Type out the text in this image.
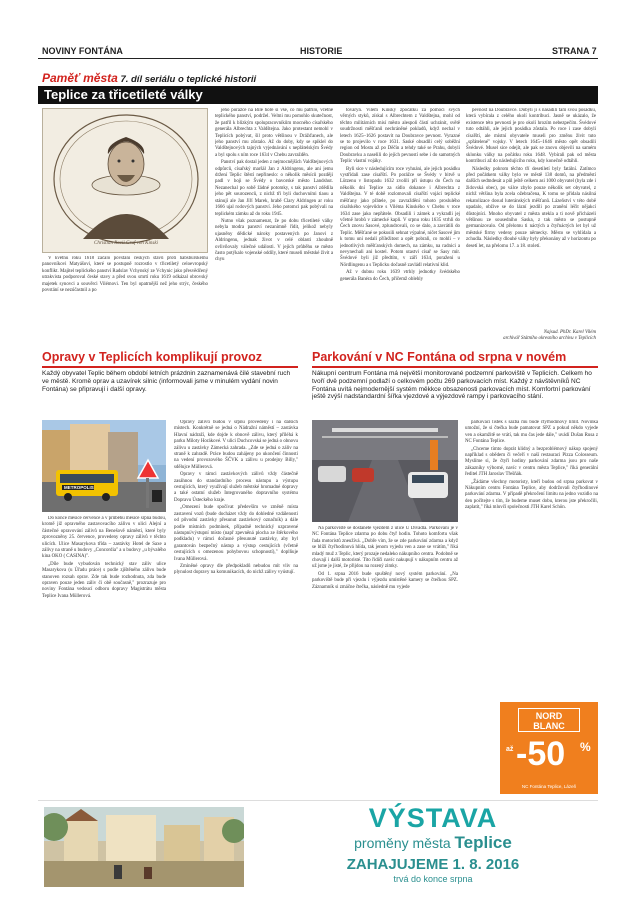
NOVINY FONTÁNA	HISTORIE	STRANA 7
Paměť města 7. díl seriálu o teplické historii
Teplice za třicetileté války
Christian Ilovii Graf von Kinski

V květnu roku 1618 začalo povstání českých stavů proti habsburskému panovníkovi Matyášovi, které se postupně rozrostlo v třicetiletý celoevropský konflikt. Majitel teplického panství Radslav Vchynský ze Vchynic jako přesvědčený utrakvista podporoval české stavy a před svou smrtí roku 1619 odkázal obrovský majetek synovci a souvěrci Vilémovi. Ten byl opatrnější než jeho strýc, českého povstání se nezúčastnil a po

jeho porážce na Bílé hoře si vše, co mu patřilo, včetně teplického panství, podržel. Velmi mu pomohlo skutečnost, že patřil k blízkým spolupracovníkům mocného císařského generála Albrechta z Valdštejna. Jako protestant nemohl v Teplicích pobývat, šil proto většinou v Drážďanech, ale jeho panství mu zůstalo. Až do doby, kdy se spiklel do Valdštejnových tajných vyjednávání s nepřátelským Švédy a byl spolu s ním roce 1634 v Chebu zavražděn.

Panství pak dostal jeden z nejmocnějších Valdštejnových odpůrců, císařský maršál Jan z Aldringenu, ale ani jemu držení Teplic štěstí nepřineslo: o několik měsíců později padl v boji se Švédy o bavorské město Landshut. Nezanechal po sobě žádné potomky, s tak panství zdědila jeho pět sourozenců, z nichž tři byli duchovními tiaou a stánují ale Jan Jiří Marek, hrabě Clary Aldringen ar roku 1666 ujal rodových panství. Jeho potomci pak pobývali na teplickém zámku až do roku 1945.

Nutno však poznamenat, že po dobu třicetileté války nebyla modra panství nezanímně řídit, jelikož nebyly ujasněny dědické nároky postavených po Janovi z Aldringenu, jednak život v celé oblasti zhoubně ovlivňovaly válečné události. V jejích průběhu se město často potýkalo vojenské oddíly, které museli městské živit a chyu

tovaryn. Vilém Kinský zpočátku za pomoci svých věrných styků, získal s Albrechtem z Valdštejna, mohl od těchto militárních misí město alespoň částí uchránit, světě soudržnosti měšťanů nechráněné pokladů, když nechal v letech 1625–1626 postavit na Doubravce pevnost. Vyrazné se to projevilo v roce 1631. Saské obsadili celý soběžní region od Mostu až po Děčín a tehdy také se Prahu, dobyli Doubravku a naselili do jejích pevností sebe i do samotných Teplic vlastní vojáky.

Byli sice v následujícím roce vyhnáni, ale jejich posádku vystřídali zase císařští. Po porážce se Švédy v bitvě u Lützenu v listopadu 1632 zvolili při ústupu do Čech na několik dní Teplice za sídlo dokance i Albrechta z Valdštejna. V té době rozlomovali císařští vojáci teplické měšťany jako přátele, po zavraždění tohoto proslulého císařského vojevůdce s Viléma Kinského v Chebu v roce 1634 zase jako nepřátele. Obsadili i zámek a vykradli jej včetně hrobů v zámecké kapli. V srpnu roku 1635 vtrhli do Čech znovu Sasové, zplundrovali, co se dalo, a zavrátili do Teplic. Měšťané se pokusili sehnat výpalné, ničet Sasové jim k tomu uni nedali příležitost a opět pobrali, co mohli – v jednotlivých měšťanských domech, na zámku, na radnici a nevynechali ani kostel. Potom utastvi císař se Sasy mír. Švédové byli již předtím, v září 1634, poraženi u Nördlingenu a s Teplicku dočasně zavládl relativní klid.

Až v dubnu roku 1639 vtrhly jednotky švédského generála Banéra do Čech, přičemž oblehly

pevnost na Doubravce. Dobyli ji s nasadili tam svou posádku, která vybírala z celého okolí kontribuci. Jasně se ukázalo, že existence této pevnosti je pro okolí hrozím nebezpečím. Švédové tuto odtáhli, ale jejich posádka zůstala. Po roce i zase dobyli císařští, ale místní obyvatele museli pro změnu živit tuto „spřátelené" vojsky. V letech 1645–1646 město opět obsadili Švédové. Musel sice odejít, ale pak se znovu objevili na samém sklonku války na počátku roku 1648. Vybírali pak od města kontribuci až do následujícího roku, kdy konečně odtáhli.

Následky pohrom těchto tří desetiletí byly fatální. Zatímco před počátkem války bylo ve městě 138 domů, na předměstí dalších sedmdesát a půl ještě celkem asi 1000 obyvatel (byla zde i židovská obec), po válce zbylo pouze několik set obyvatel, z nichž většina byla zcela ožebračena, K tomu se přidala násilná rekatolizace dosud luteránských měšťanů. Lázeňství v této době upadalo, obžive se do lázní jezdili po zranění léčit nějakcí důstojníci. Mnoho obyvatel z města utekla a ti nově přicházeli většinou ze sousedního Saska, z tak město se postupně germanizovalo. Od přelomu ti náctých a čtyřnáctých let byl už městské firmy vedeny pouze německy. Město se vyhlídala a zchudla. Následky dlouhé války byly překonány až v horizontu po desetí let, na přelomu 17. a 18. století.

Najsud. PhDr. Karel Vilém
archivář Státního okresního archivu v Teplicích
Opravy v Teplicích komplikují provoz
Každý obyvatel Teplic během období letních prázdnin zaznamenává čilé stavební ruch ve městě. Kromě oprav a uzavírek silnic (informovali jsme v minulém vydání novin Fontána) se připravují i další opravy.
METROPOLIS

Do konce měsíce července a v průběhu měsíce srpna budou, kromě již opravného zastavovacího zálivu v ulici Alejní a částečné opravování zálivů na Benešově náměstí, které byly zprovozněny 25. července, provedeny opravy zálivů v těchto ulicích. Ulice Masarykova třída – zastávky Hotel de Saxe a zálivy na straně u budovy „Concordia" a u budovy „u bývalého kina OKO ( CASINA)".

„Díle bude vybudován technický stav záliv ulice Masarykova (u Úřadu práce) s podle zjištěného zálivu bude stanoven rozsah oprav. Zde tak bude rozhodnuta, zda bude opraven pouze jeden záliv či obě současně," prozrazuje pro noviny Fontána vedoucí odboru dopravy Magistrátu města Teplice Ivana Müllerová.

Opravy zálivů budou v srpnu provedeny i na dalších místech. Konkrétně se jedná o Nádražní náměstí – zastávka Hlavní nádraží, kde dojde k obnově zálivu, který přiléhá k parku Miloty Horákové. V ulici Duchcovská se jedná o obnovu zálivu u zastávky Zámecká zahrada. „Zde se jedná o záliv na straně k zahradě. Práce budou zahájeny po ukončení činnosti na vedení provozového ŠČVK a zálivu u prodejny Billy," sdělujce Müllerová.

Opravy v rámci zastávkových zálivů vždy částečně zasáhnou do standardního procesu nástupu a výstupu cestujících, který využívají služeb městské hromadné dopravy a také ostatní služeb Integrovaného dopravního systému Dopravu Ústeckého kraje.

„Omezení bude spočívat především ve změně místa zastavení vozů (bude docházet vždy do dohledné vzdálenosti od původní zastávky přesunut zastávkový označník) a dále podle místních podmínek, případně technický uzpravené nástupní/výstupní místo (např zpevněná plocha ze štěrkového podkladu) v rámci dočasné přesunuté zastávky, aby byl garantován bezpečný nástup a výstup cestujících (včetně cestujících s omezenou pohybovou schopností)," doplňuje Ivana Müllerová.

Zmíněné opravy dle předpokladů nebudou mít vliv na plynulost dopravy na komunikacích, do nichž zálivy vyústují.

Parkování v NC Fontána od srpna v novém
Nákupní centrum Fontána má největší monitorované podzemní parkoviště v Teplicích. Celkem ho tvoří dvě podzemní podlaží o celkovém počtu 269 parkovacích míst. Každý z návštěvníků NC Fontána uvítá nejmodernější systém měkkce obsazenosti parkovacích míst. Komfortní parkování ještě zvýší nadstandardní šířka vjezdové a výjezdové rampy i parkovacího stání.

Na parkoviště se dostanete vjezdem z ulice U Divadla. Parkování je v NC Fontána Teplice zdarma po dobu čtyř hodin. Tohoto komfortu však řada motoristů zneužívá. „Dobře vím, že se zde parkování zdarma a když se blíží čtyřhodinová hlída, tak jenom vyjedu ven a zase se vrátím," říká mladý muž z Teplic, který prozaje nedaleko nákupního centra. Podobně se chovají i další motoristé. Tito řidiči navíc nakupují v nákupním centru až už jsme je jisté, že přijdou na rozený zimky.

Od 1. srpna 2016 bude spuštěný nový systém parkování. „Na parkoviště bude při vjezdu i výjezdu umístěné kamery se čtečkou SPZ. Záznamník si zmáčne čtečka, následně mu vyjede

parkovací lístek s sazba mu bude čtyřhodinový limit. Novinka umožní, že si čtečka bude pamatovat SPZ a pokud někdo vyjede ven a okamžitě se vrátí, tak mu čas jede dále," uvádí Dušan Rusa z NC Fontána Teplice.

„Chceme tímto doprát klidný a bezproblémový nákup spojený například s obědem či večeří v naší restauraci Pizza Colosseum. Myslíme si, že čtyři hodiny parkování zdarma jsou pro naše zákazníky výborné, navíc v centru města Teplice," říká generální ředitel JTH Jaroslav Třešňák.

„Žádáme všechny motoristy, kteří budou od srpna parkovat v Nákupním centru Fontána Teplice, aby dodržovali čtyřhodinové parkování zdarma. V případě překročení limitu na jedno vozidlo na den počítejte s tím, že budeme muset dobu, kterou jste překročili, zaplatit," říká mluvčí společnosti JTH Karel Schön.

NORD
BLANC
až -50 %
NC Fontána Teplice, Lázeň
VÝSTAVA
proměny města Teplice
ZAHAJUJEME 1. 8. 2016
trvá do konce srpna
